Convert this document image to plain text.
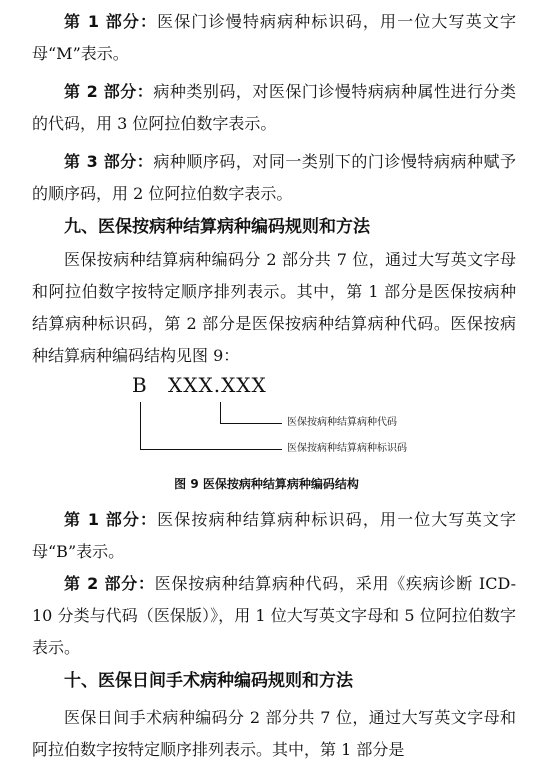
第 1 部分：医保门诊慢特病病种标识码，用一位大写英文字母“M”表示。

第 2 部分：病种类别码，对医保门诊慢特病病种属性进行分类的代码，用 3 位阿拉伯数字表示。

第 3 部分：病种顺序码，对同一类别下的门诊慢特病病种赋予的顺序码，用 2 位阿拉伯数字表示。

九、医保按病种结算病种编码规则和方法

医保按病种结算病种编码分 2 部分共 7 位，通过大写英文字母和阿拉伯数字按特定顺序排列表示。其中，第 1 部分是医保按病种结算病种标识码，第 2 部分是医保按病种结算病种代码。医保按病种结算病种编码结构见图 9：

B XXX.XXX
医保按病种结算病种代码
医保按病种结算病种标识码
图 9 医保按病种结算病种编码结构

第 1 部分：医保按病种结算病种标识码，用一位大写英文字母“B”表示。

第 2 部分：医保按病种结算病种代码，采用《疾病诊断 ICD-10 分类与代码（医保版）》，用 1 位大写英文字母和 5 位阿拉伯数字表示。

十、医保日间手术病种编码规则和方法

医保日间手术病种编码分 2 部分共 7 位，通过大写英文字母和阿拉伯数字按特定顺序排列表示。其中，第 1 部分是
